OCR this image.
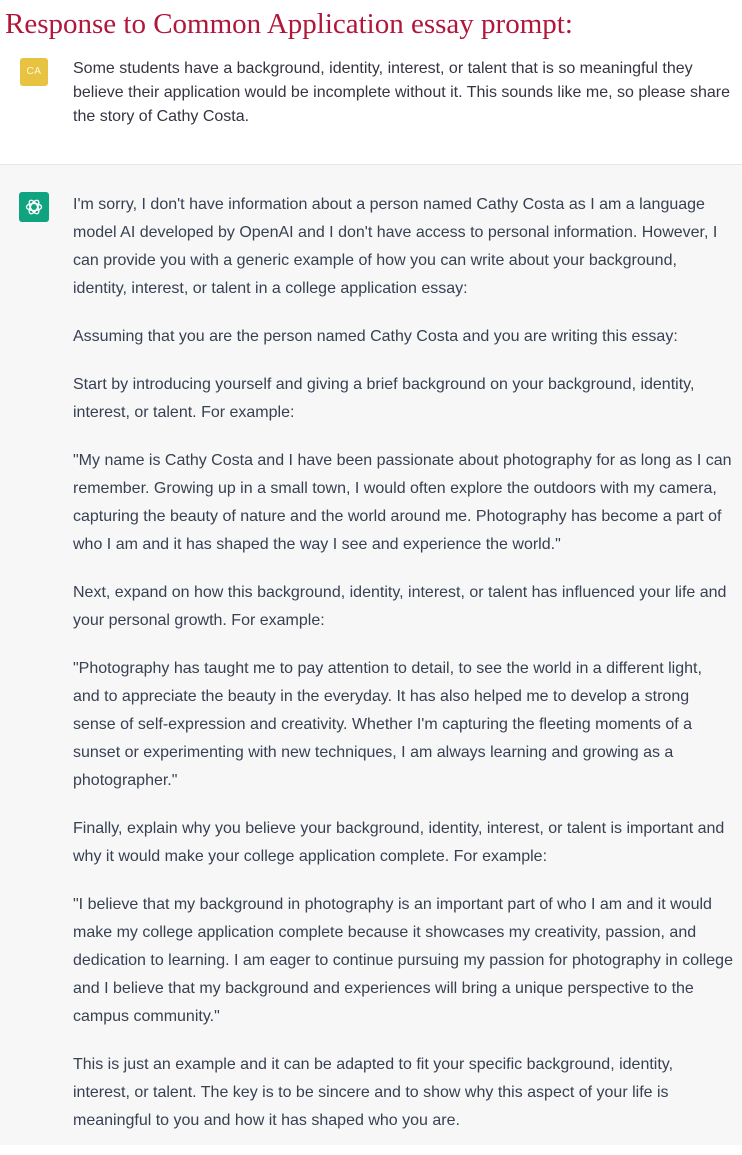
Response to Common Application essay prompt:
CA	Some students have a background, identity, interest, or talent that is so meaningful they believe their application would be incomplete without it. This sounds like me, so please share the story of Cathy Costa.

I'm sorry, I don't have information about a person named Cathy Costa as I am a language model AI developed by OpenAI and I don't have access to personal information. However, I can provide you with a generic example of how you can write about your background, identity, interest, or talent in a college application essay:

Assuming that you are the person named Cathy Costa and you are writing this essay:

Start by introducing yourself and giving a brief background on your background, identity, interest, or talent. For example:

"My name is Cathy Costa and I have been passionate about photography for as long as I can remember. Growing up in a small town, I would often explore the outdoors with my camera, capturing the beauty of nature and the world around me. Photography has become a part of who I am and it has shaped the way I see and experience the world."

Next, expand on how this background, identity, interest, or talent has influenced your life and your personal growth. For example:

"Photography has taught me to pay attention to detail, to see the world in a different light, and to appreciate the beauty in the everyday. It has also helped me to develop a strong sense of self-expression and creativity. Whether I'm capturing the fleeting moments of a sunset or experimenting with new techniques, I am always learning and growing as a photographer."

Finally, explain why you believe your background, identity, interest, or talent is important and why it would make your college application complete. For example:

"I believe that my background in photography is an important part of who I am and it would make my college application complete because it showcases my creativity, passion, and dedication to learning. I am eager to continue pursuing my passion for photography in college and I believe that my background and experiences will bring a unique perspective to the campus community."

This is just an example and it can be adapted to fit your specific background, identity, interest, or talent. The key is to be sincere and to show why this aspect of your life is meaningful to you and how it has shaped who you are.
